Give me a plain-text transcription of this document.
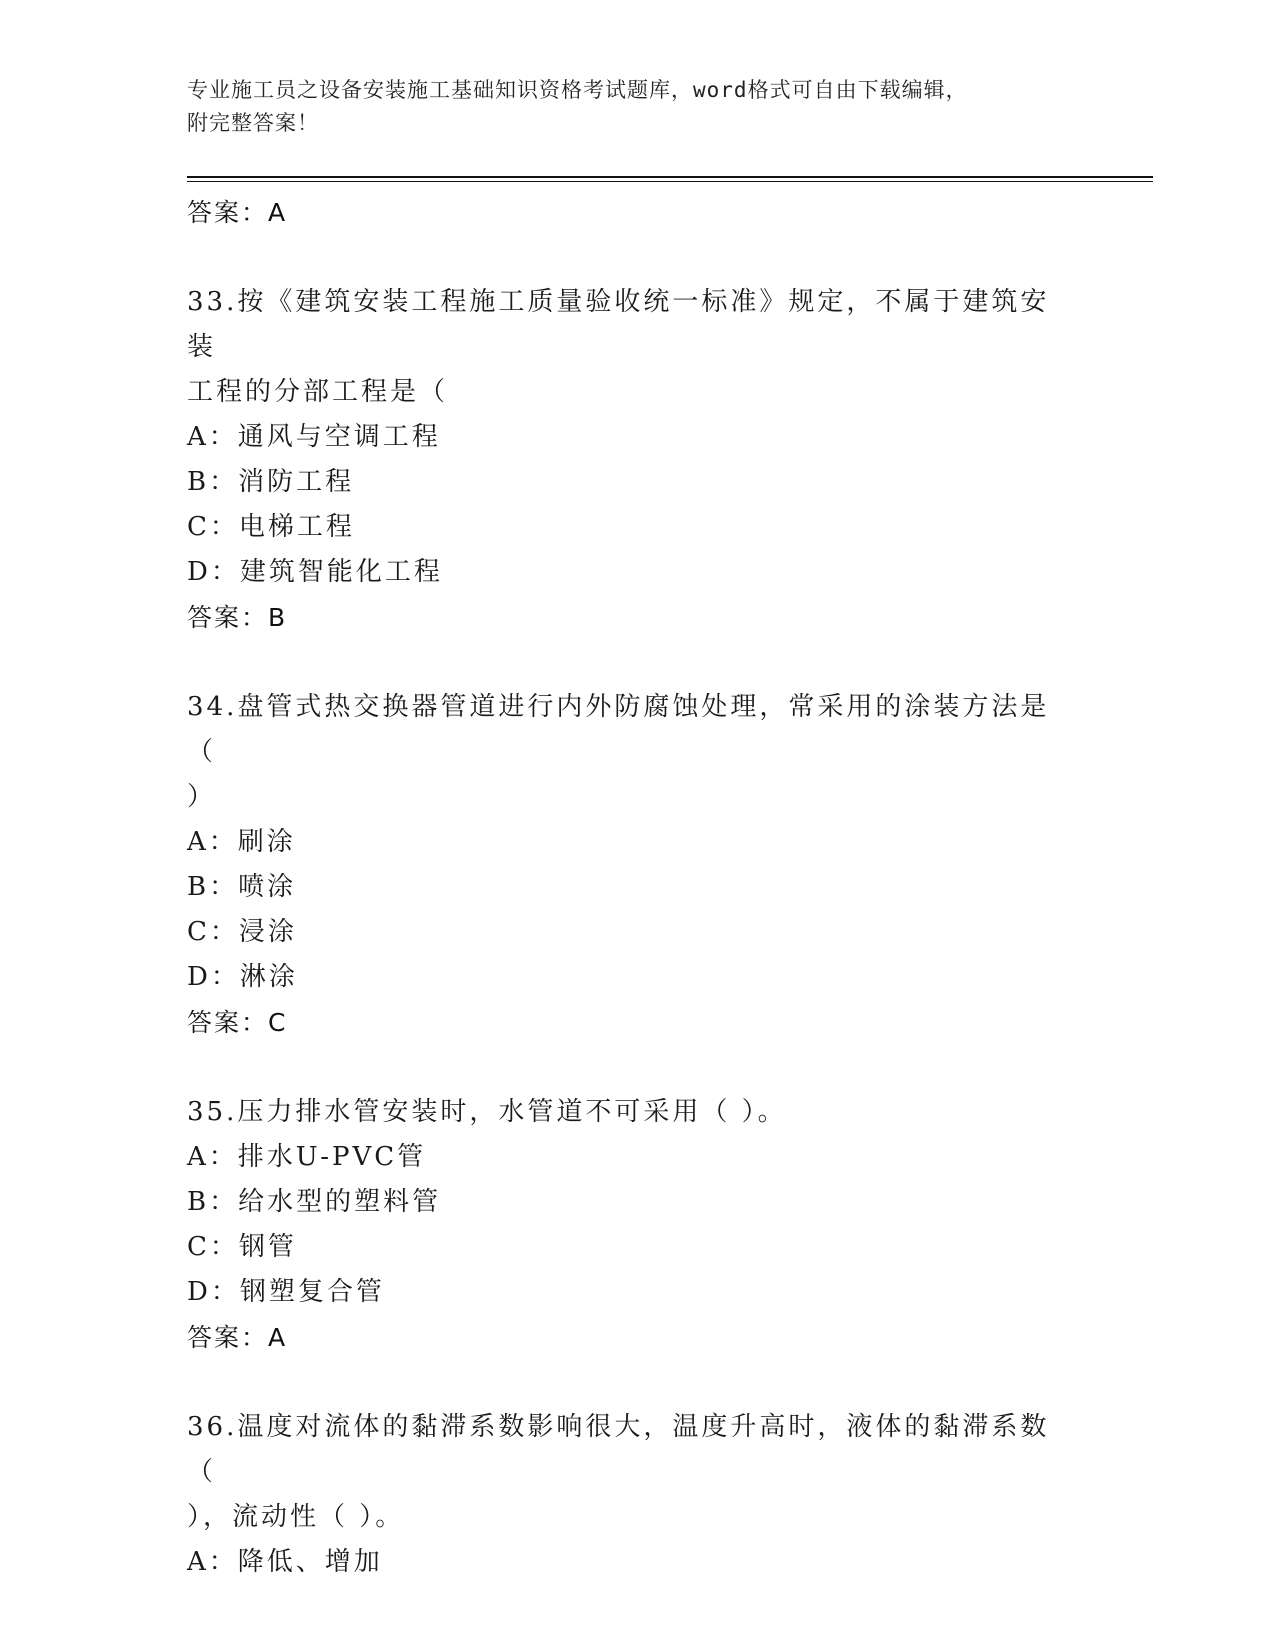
专业施工员之设备安装施工基础知识资格考试题库，word格式可自由下载编辑，
附完整答案！
答案：A
33.按《建筑安装工程施工质量验收统一标准》规定，不属于建筑安装
工程的分部工程是（
A：通风与空调工程
B：消防工程
C：电梯工程
D：建筑智能化工程
答案：B
34.盘管式热交换器管道进行内外防腐蚀处理，常采用的涂装方法是（
）
A：刷涂
B：喷涂
C：浸涂
D：淋涂
答案：C
35.压力排水管安装时，水管道不可采用（ ）。
A：排水U-PVC管
B：给水型的塑料管
C：钢管
D：钢塑复合管
答案：A
36.温度对流体的黏滞系数影响很大，温度升高时，液体的黏滞系数（
），流动性（ ）。
A：降低、增加
